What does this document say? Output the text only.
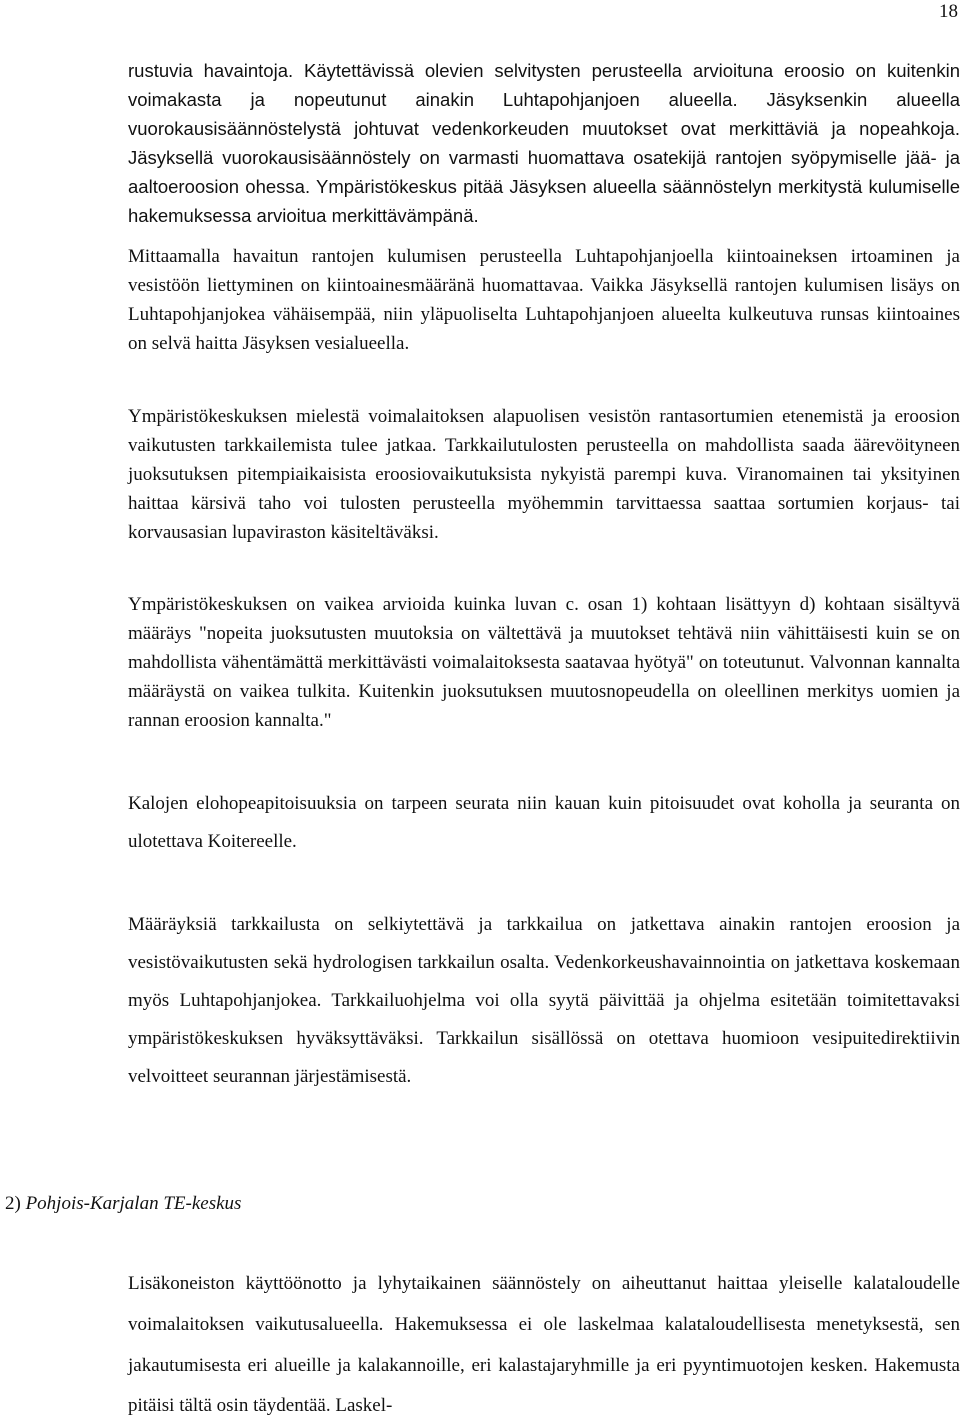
18

rustuvia havaintoja. Käytettävissä olevien selvitysten perusteella arvioituna eroosio on kuitenkin voimakasta ja nopeutunut ainakin Luhtapohjanjoen alueella. Jäsyksenkin alueella vuorokausisäännöstelystä johtuvat vedenkorkeuden muutokset ovat merkittäviä ja nopeahkoja. Jäsyksellä vuorokausisäännöstely on varmasti huomattava osatekijä rantojen syöpymiselle jää- ja aaltoeroosion ohessa. Ympäristökeskus pitää Jäsyksen alueella säännöstelyn merkitystä kulumiselle hakemuksessa arvioitua merkittävämpänä.

Mittaamalla havaitun rantojen kulumisen perusteella Luhtapohjanjoella kiintoaineksen irtoaminen ja vesistöön liettyminen on kiintoainesmääränä huomattavaa. Vaikka Jäsyksellä rantojen kulumisen lisäys on Luhtapohjanjokea vähäisempää, niin yläpuoliselta Luhtapohjanjoen alueelta kulkeutuva runsas kiintoaines on selvä haitta Jäsyksen vesialueella.

Ympäristökeskuksen mielestä voimalaitoksen alapuolisen vesistön rantasortumien etenemistä ja eroosion vaikutusten tarkkailemista tulee jatkaa. Tarkkailutulosten perusteella on mahdollista saada äärevöityneen juoksutuksen pitempiaikaisista eroosiovaikutuksista nykyistä parempi kuva. Viranomainen tai yksityinen haittaa kärsivä taho voi tulosten perusteella myöhemmin tarvittaessa saattaa sortumien korjaus- tai korvausasian lupaviraston käsiteltäväksi.

Ympäristökeskuksen on vaikea arvioida kuinka luvan c. osan 1) kohtaan lisättyyn d) kohtaan sisältyvä määräys "nopeita juoksutusten muutoksia on vältettävä ja muutokset tehtävä niin vähittäisesti kuin se on mahdollista vähentämättä merkittävästi voimalaitoksesta saatavaa hyötyä" on toteutunut. Valvonnan kannalta määräystä on vaikea tulkita. Kuitenkin juoksutuksen muutosnopeudella on oleellinen merkitys uomien ja rannan eroosion kannalta."

Kalojen elohopeapitoisuuksia on tarpeen seurata niin kauan kuin pitoisuudet ovat koholla ja seuranta on ulotettava Koitereelle.

Määräyksiä tarkkailusta on selkiytettävä ja tarkkailua on jatkettava ainakin rantojen eroosion ja vesistövaikutusten sekä hydrologisen tarkkailun osalta. Vedenkorkeushavainnointia on jatkettava koskemaan myös Luhtapohjanjokea. Tarkkailuohjelma voi olla syytä päivittää ja ohjelma esitetään toimitettavaksi ympäristökeskuksen hyväksyttäväksi. Tarkkailun sisällössä on otettava huomioon vesipuitedirektiivin velvoitteet seurannan järjestämisestä.

2) Pohjois-Karjalan TE-keskus

Lisäkoneiston käyttöönotto ja lyhytaikainen säännöstely on aiheuttanut haittaa yleiselle kalataloudelle voimalaitoksen vaikutusalueella. Hakemuksessa ei ole laskelmaa kalataloudellisesta menetyksestä, sen jakautumisesta eri alueille ja kalakannoille, eri kalastajaryhmille ja eri pyyntimuotojen kesken. Hakemusta pitäisi tältä osin täydentää. Laskel-
